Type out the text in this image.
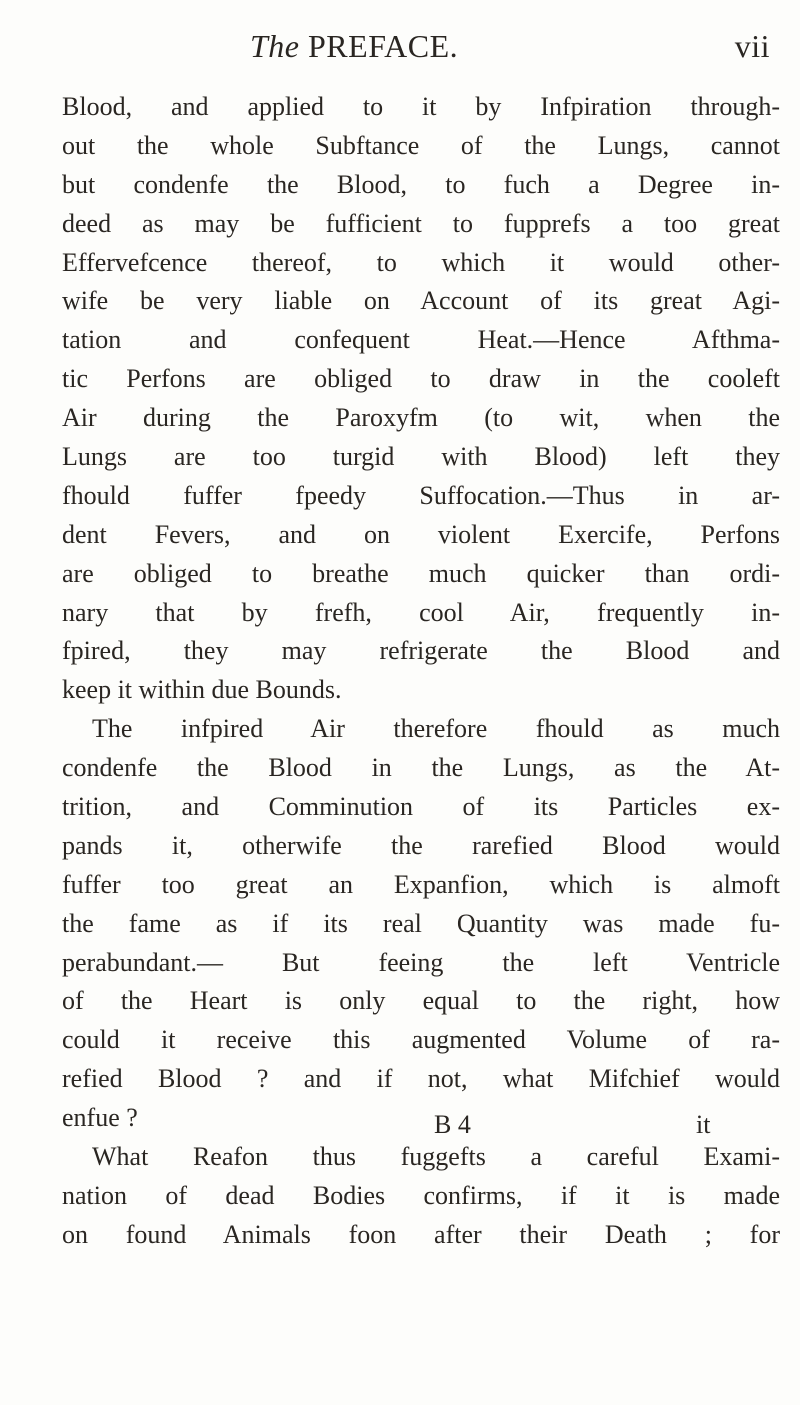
The PREFACE.	vii
Blood, and applied to it by Infpiration through-
out the whole Subftance of the Lungs, cannot
but condenfe the Blood, to fuch a Degree in-
deed as may be fufficient to fupprefs a too great
Effervefcence thereof, to which it would other-
wife be very liable on Account of its great Agi-
tation and confequent Heat.—Hence Afthma-
tic Perfons are obliged to draw in the cooleft
Air during the Paroxyfm (to wit, when the
Lungs are too turgid with Blood) left they
fhould fuffer fpeedy Suffocation.—Thus in ar-
dent Fevers, and on violent Exercife, Perfons
are obliged to breathe much quicker than ordi-
nary that by frefh, cool Air, frequently in-
fpired, they may refrigerate the Blood and
keep it within due Bounds.
The infpired Air therefore fhould as much
condenfe the Blood in the Lungs, as the At-
trition, and Comminution of its Particles ex-
pands it, otherwife the rarefied Blood would
fuffer too great an Expanfion, which is almoft
the fame as if its real Quantity was made fu-
perabundant.— But feeing the left Ventricle
of the Heart is only equal to the right, how
could it receive this augmented Volume of ra-
refied Blood ? and if not, what Mifchief would
enfue ?
What Reafon thus fuggefts a careful Exami-
nation of dead Bodies confirms, if it is made
on found Animals foon after their Death ; for
B 4	it
